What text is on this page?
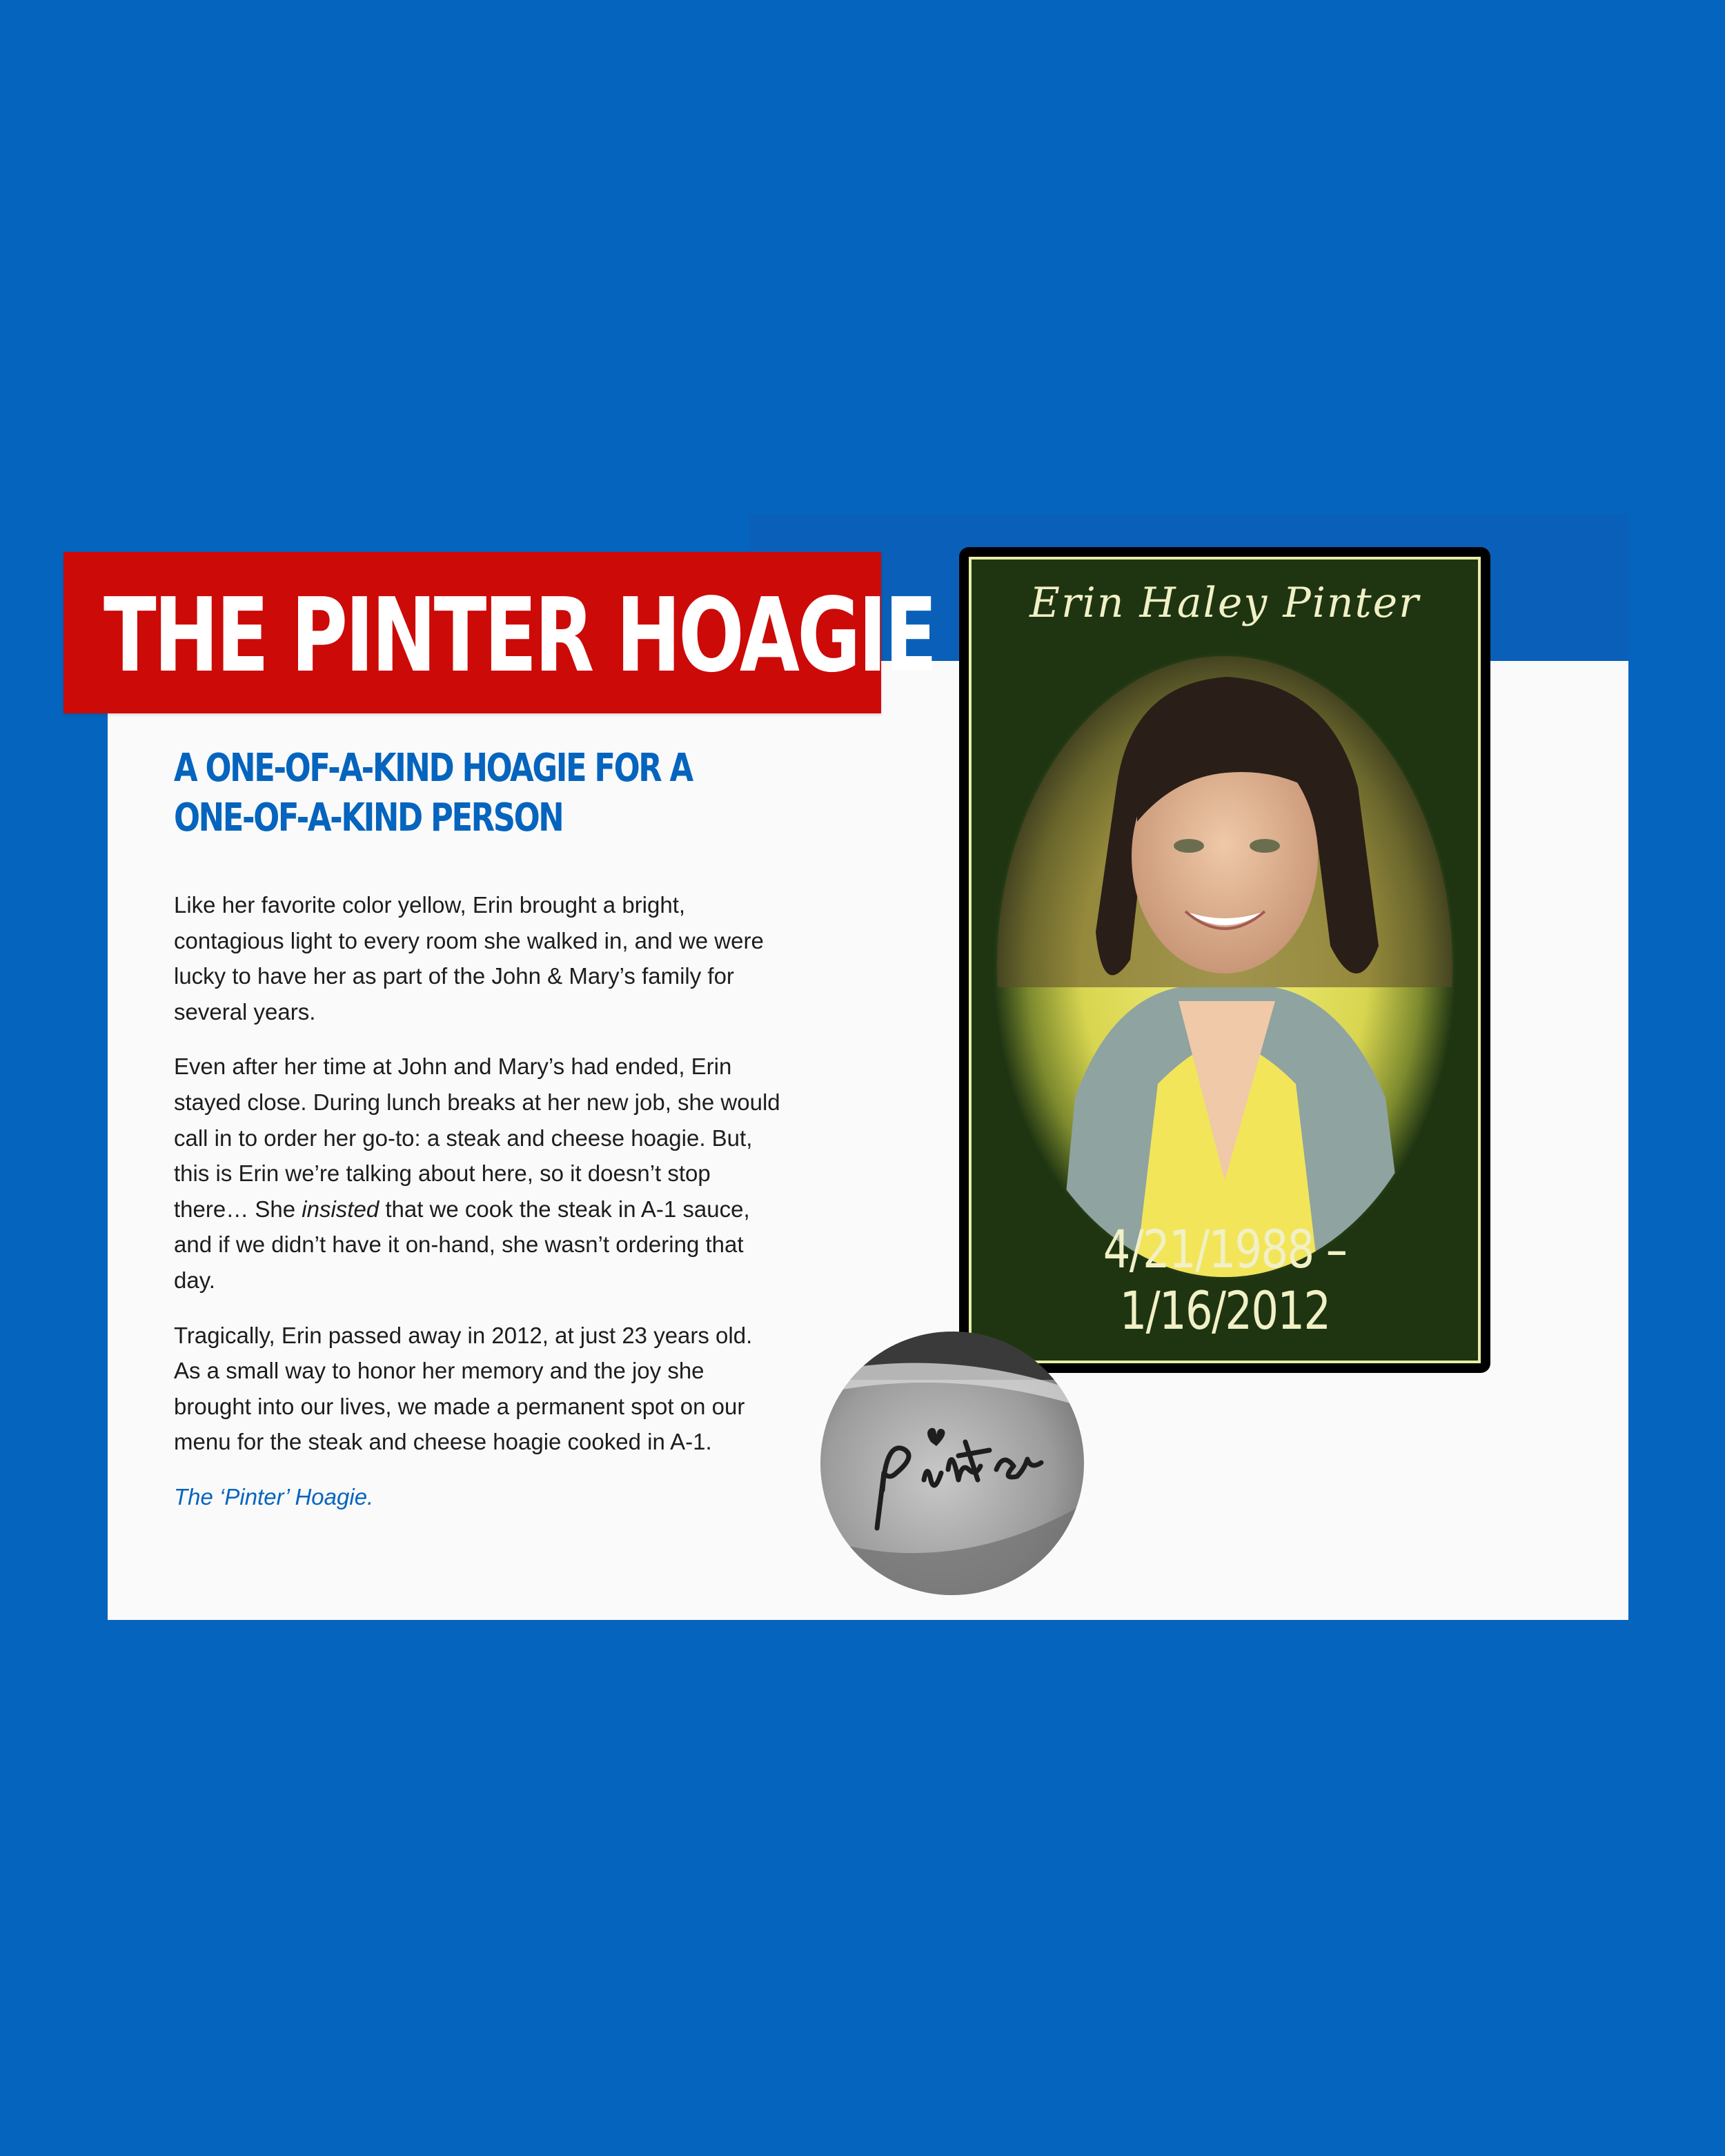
THE PINTER HOAGIE
A ONE-OF-A-KIND HOAGIE FOR A
ONE-OF-A-KIND PERSON

Like her favorite color yellow, Erin brought a bright, contagious light to every room she walked in, and we were lucky to have her as part of the John & Mary’s family for several years.

Even after her time at John and Mary’s had ended, Erin stayed close. During lunch breaks at her new job, she would call in to order her go-to: a steak and cheese hoagie. But, this is Erin we’re talking about here, so it doesn’t stop there… She insisted that we cook the steak in A-1 sauce, and if we didn’t have it on-hand, she wasn’t ordering that day.

Tragically, Erin passed away in 2012, at just 23 years old. As a small way to honor her memory and the joy she brought into our lives, we made a permanent spot on our menu for the steak and cheese hoagie cooked in A-1.

The ‘Pinter’ Hoagie.

Erin Haley Pinter
4/21/1988 – 1/16/2012
